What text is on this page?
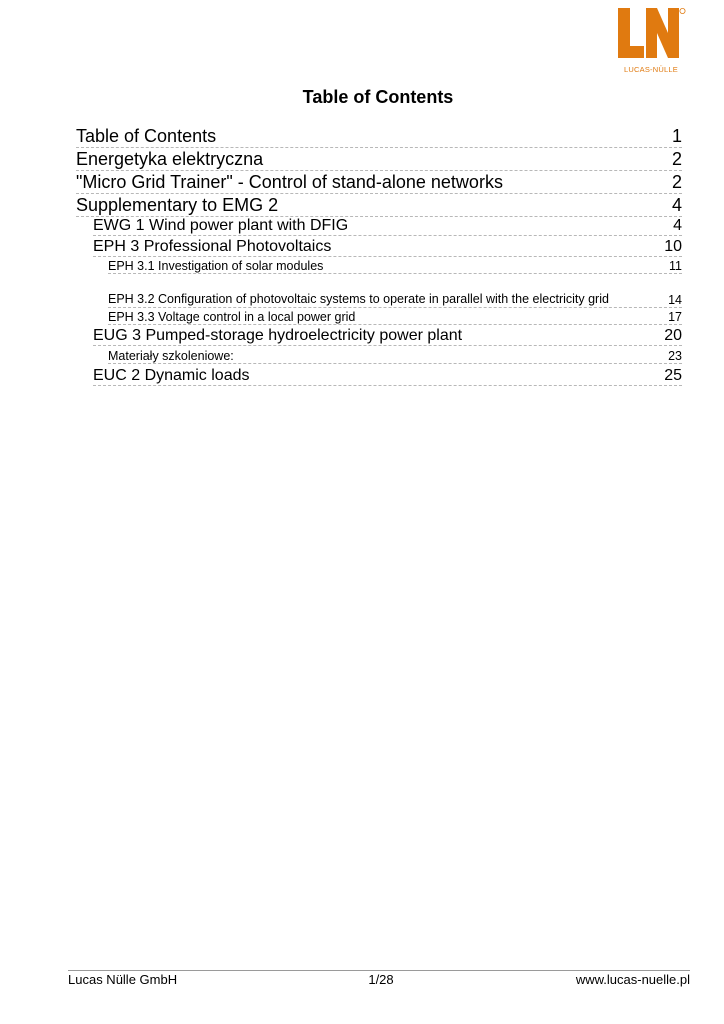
LUCAS-NÜLLE
Table of Contents
Table of Contents	1
Energetyka elektryczna	2
"Micro Grid Trainer" - Control of stand-alone networks	2
Supplementary to EMG 2	4
EWG 1 Wind power plant with DFIG	4
EPH 3 Professional Photovoltaics	10
EPH 3.1 Investigation of solar modules	11
EPH 3.2 Configuration of photovoltaic systems to operate in parallel with the electricity grid	14
EPH 3.3 Voltage control in a local power grid	17
EUG 3 Pumped-storage hydroelectricity power plant	20
Materiały szkoleniowe:	23
EUC 2 Dynamic loads	25
Lucas Nülle GmbH	1/28	www.lucas-nuelle.pl
